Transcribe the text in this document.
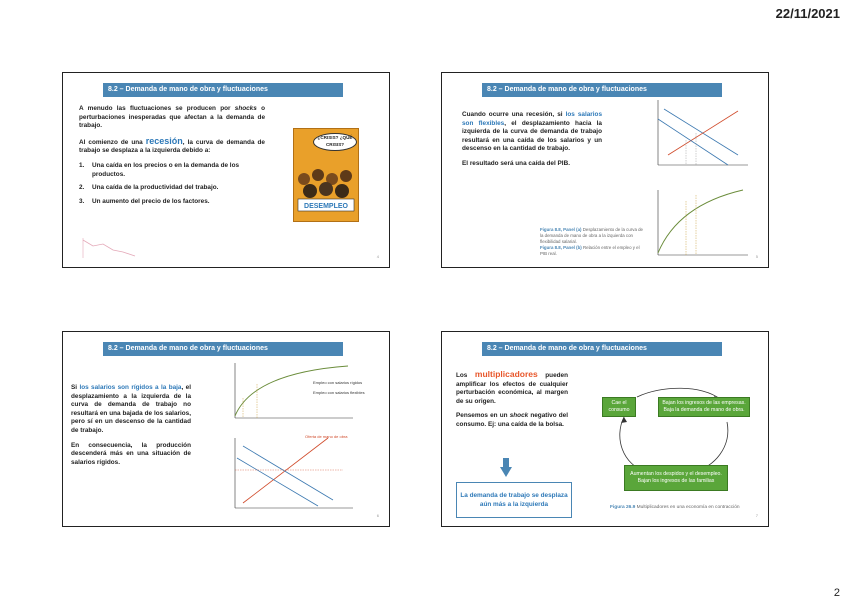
22/11/2021
8.2 – Demanda de mano de obra y fluctuaciones

A menudo las fluctuaciones se producen por shocks o perturbaciones inesperadas que afectan a la demanda de trabajo.

Al comienzo de una recesión, la curva de demanda de trabajo se desplaza a la izquierda debido a:

1.	Una caída en los precios o en la demanda de los productos.
2.	Una caída de la productividad del trabajo.
3.	Un aumento del precio de los factores.
DESEMPLEO
¿CRISIS? ¿QUÉ CRISIS?
4
8.2 – Demanda de mano de obra y fluctuaciones

Cuando ocurre una recesión, si los salarios son flexibles, el desplazamiento hacia la izquierda de la curva de demanda de trabajo resultará en una caída de los salarios y un descenso en la cantidad de trabajo.

El resultado será una caída del PIB.

Figura 8.8, Panel (a) Desplazamiento de la curva de la demanda de mano de obra a la izquierda con flexibilidad salarial.
Figura 8.8, Panel (b) Relación entre el empleo y el PIB real.
5
8.2 – Demanda de mano de obra y fluctuaciones

Si los salarios son rígidos a la baja, el desplazamiento a la izquierda de la curva de demanda de trabajo no resultará en una bajada de los salarios, pero sí en un descenso de la cantidad de trabajo.

En consecuencia, la producción descenderá más en una situación de salarios rígidos.

Empleo con salarios rígidos
Empleo con salarios flexibles
Oferta de mano de obra
6
8.2 – Demanda de mano de obra y fluctuaciones

Los multiplicadores pueden amplificar los efectos de cualquier perturbación económica, al margen de su origen.

Pensemos en un shock negativo del consumo. Ej: una caída de la bolsa.

La demanda de trabajo se desplaza aún más a la izquierda
Cae el consumo
Bajan los ingresos de las empresas. Baja la demanda de mano de obra.
Aumentan los despidos y el desempleo. Bajan los ingresos de las familias
Figura 26.9 Multiplicadores en una economía en contracción
7
2
